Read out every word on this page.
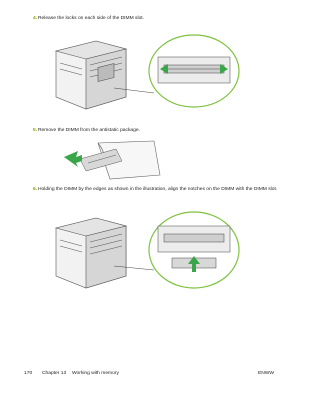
4. Release the locks on each side of the DIMM slot.
5. Remove the DIMM from the antistatic package.
6. Holding the DIMM by the edges as shown in the illustration, align the notches on the DIMM with the DIMM slot.
170 Chapter 13 Working with memory	ENWW
